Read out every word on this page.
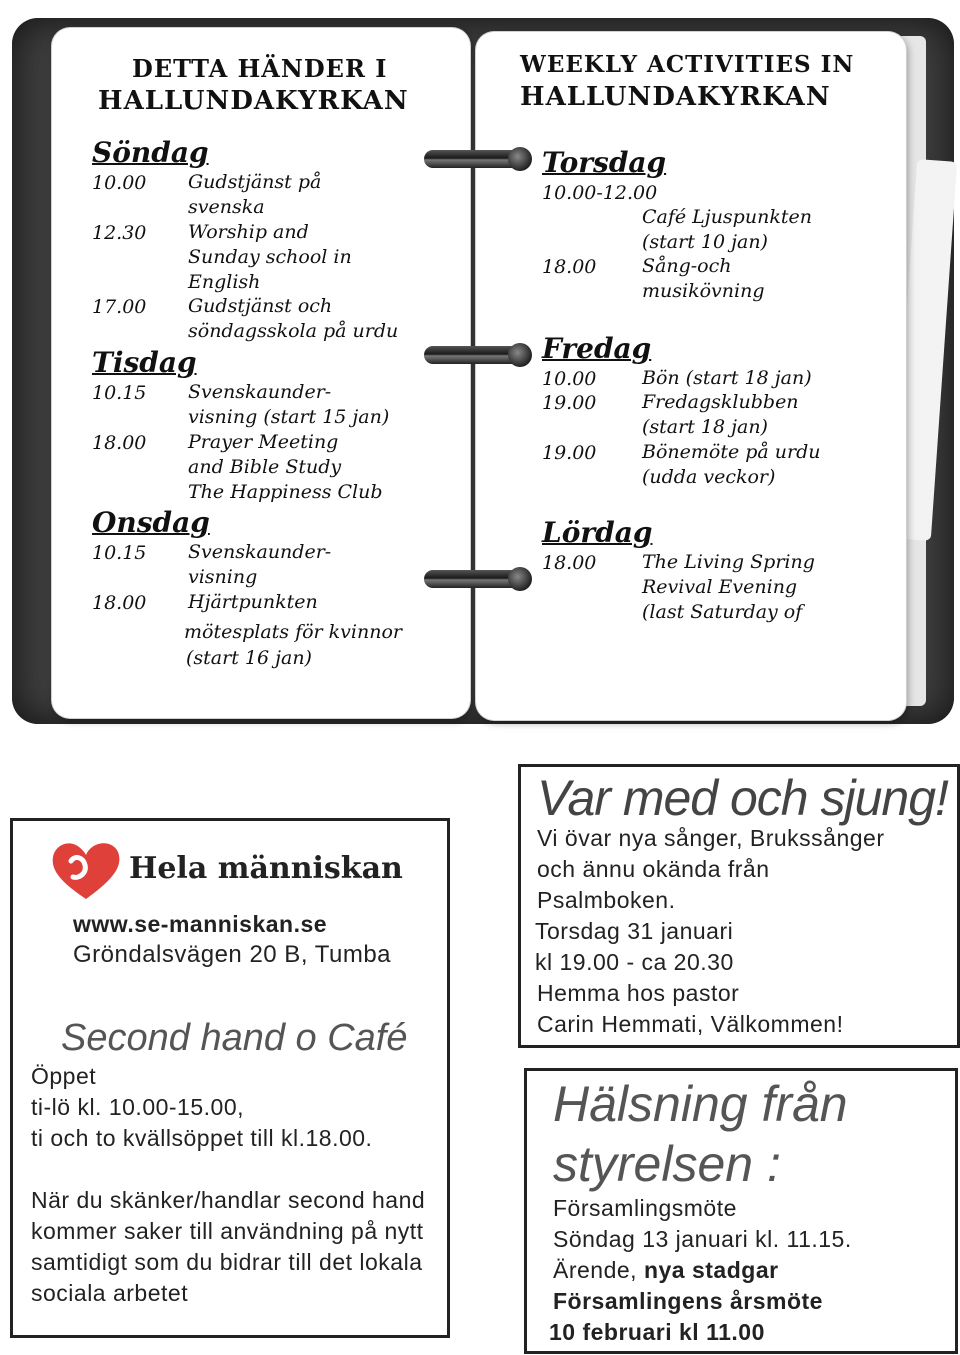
DETTA HÄNDER I
HALLUNDAKYRKAN
Söndag
10.00 Gudstjänst på
svenska
12.30 Worship and
Sunday school in
English
17.00 Gudstjänst och
söndagsskola på urdu
Tisdag
10.15 Svenskaunder-
visning (start 15 jan)
18.00 Prayer Meeting
and Bible Study
The Happiness Club
Onsdag
10.15 Svenskaunder-
visning
18.00 Hjärtpunkten
mötesplats för kvinnor
(start 16 jan)
WEEKLY ACTIVITIES IN
HALLUNDAKYRKAN
Torsdag
10.00-12.00
Café Ljuspunkten
(start 10 jan)
18.00 Sång-och
musikövning
Fredag
10.00 Bön (start 18 jan)
19.00 Fredagsklubben
(start 18 jan)
19.00 Bönemöte på urdu
(udda veckor)
Lördag
18.00 The Living Spring
Revival Evening
(last Saturday of
Hela människan
www.se-manniskan.se
Gröndalsvägen 20 B, Tumba
Second hand o Café
Öppet
ti-lö kl. 10.00-15.00,
ti och to kvällsöppet till kl.18.00.
När du skänker/handlar second hand
kommer saker till användning på nytt
samtidigt som du bidrar till det lokala
sociala arbetet
Var med och sjung!
Vi övar nya sånger, Brukssånger
och ännu okända från
Psalmboken.
Torsdag 31 januari
kl 19.00 - ca 20.30
Hemma hos pastor
Carin Hemmati, Välkommen!
Hälsning från
styrelsen :
Församlingsmöte
Söndag 13 januari kl. 11.15.
Ärende, nya stadgar
Församlingens årsmöte
10 februari kl 11.00
